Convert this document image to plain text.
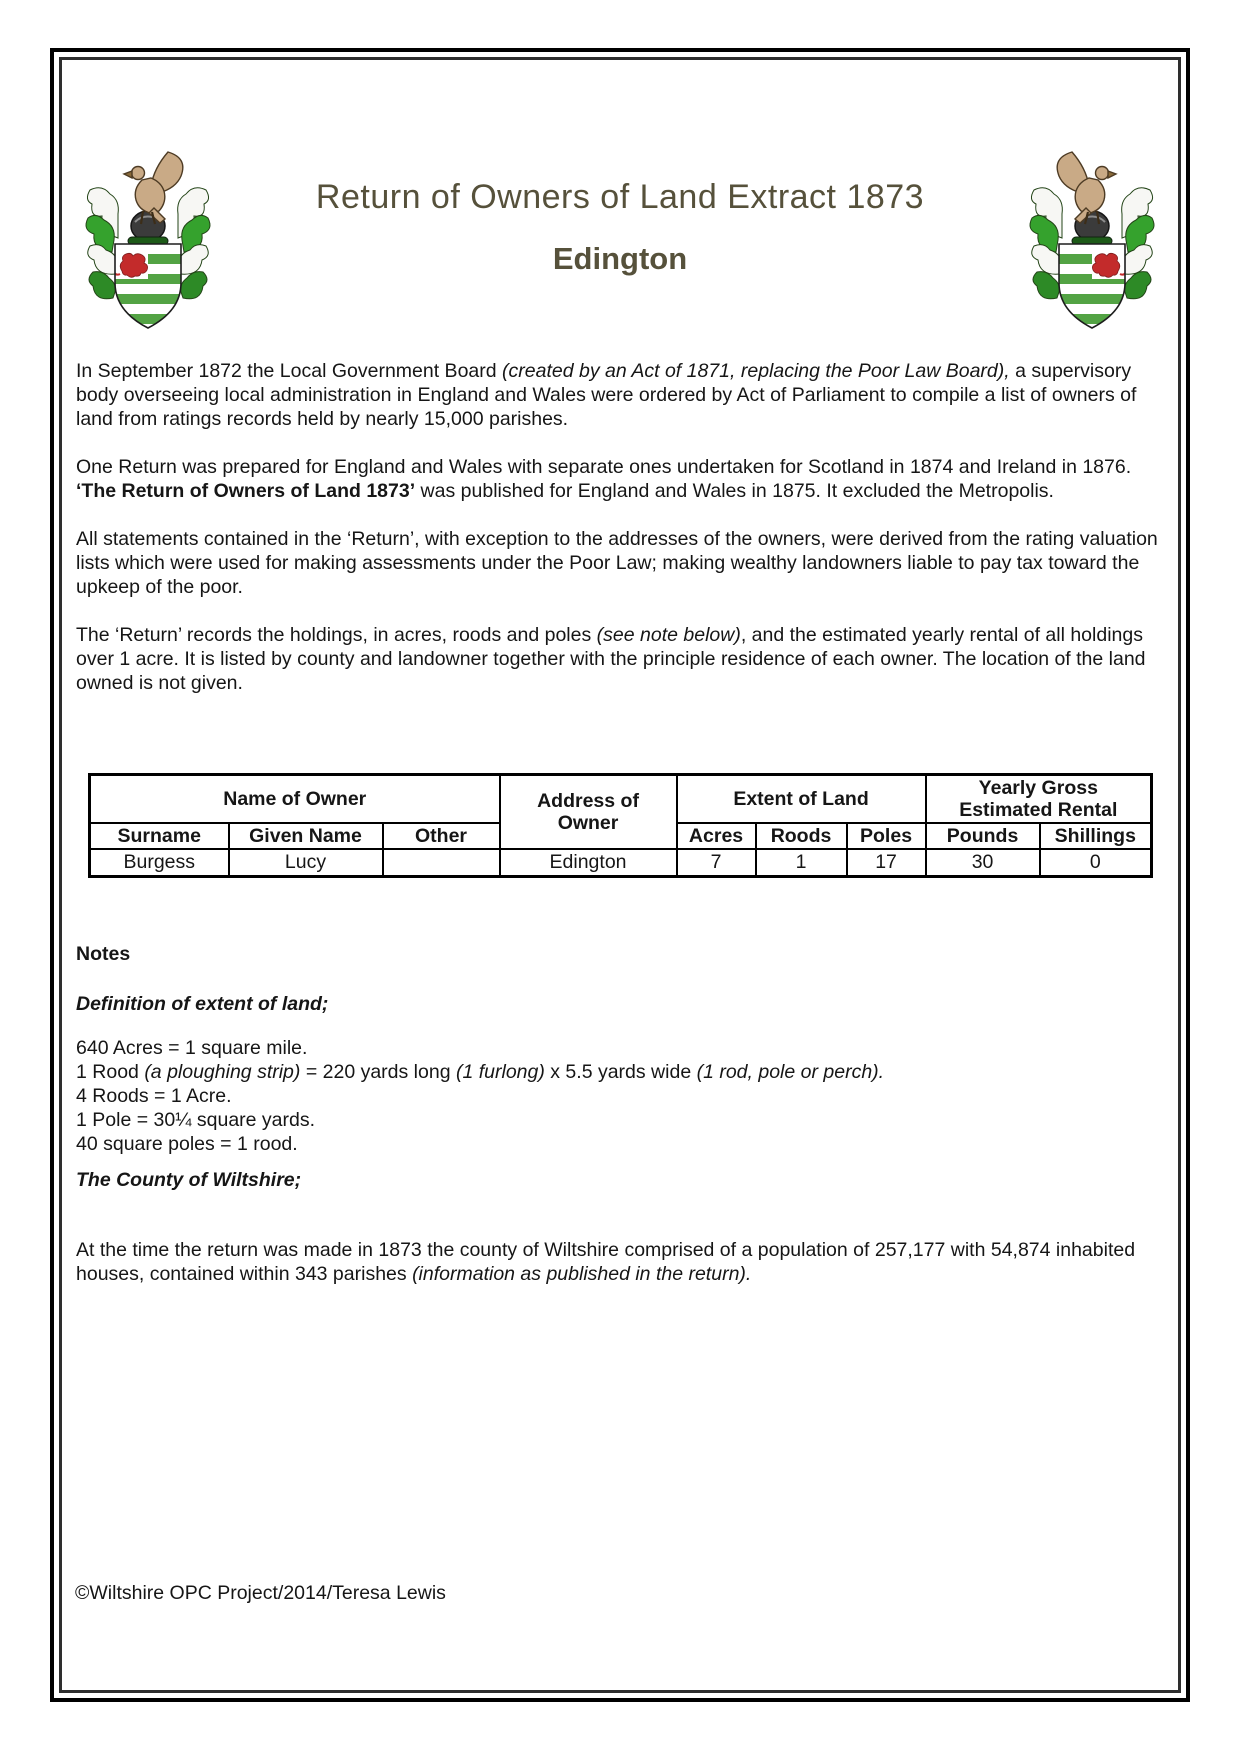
Return of Owners of Land Extract 1873
Edington

In September 1872 the Local Government Board (created by an Act of 1871, replacing the Poor Law Board), a supervisory body overseeing local administration in England and Wales were ordered by Act of Parliament to compile a list of owners of land from ratings records held by nearly 15,000 parishes.

One Return was prepared for England and Wales with separate ones undertaken for Scotland in 1874 and Ireland in 1876. ‘The Return of Owners of Land 1873’ was published for England and Wales in 1875. It excluded the Metropolis.

All statements contained in the ‘Return’, with exception to the addresses of the owners, were derived from the rating valuation lists which were used for making assessments under the Poor Law; making wealthy landowners liable to pay tax toward the upkeep of the poor.

The ‘Return’ records the holdings, in acres, roods and poles (see note below), and the estimated yearly rental of all holdings over 1 acre. It is listed by county and landowner together with the principle residence of each owner. The location of the land owned is not given.

Name of Owner			Address of Owner	Extent of Land			Yearly Gross Estimated Rental	
Surname	Given Name	Other		Acres	Roods	Poles	Pounds	Shillings
Burgess	Lucy		Edington	7	1	17	30	0
Notes
Definition of extent of land;
640 Acres = 1 square mile.
1 Rood (a ploughing strip) = 220 yards long (1 furlong) x 5.5 yards wide (1 rod, pole or perch).
4 Roods = 1 Acre.
1 Pole = 30¼ square yards.
40 square poles = 1 rood.
The County of Wiltshire;

At the time the return was made in 1873 the county of Wiltshire comprised of a population of 257,177 with 54,874 inhabited houses, contained within 343 parishes (information as published in the return).

©Wiltshire OPC Project/2014/Teresa Lewis
